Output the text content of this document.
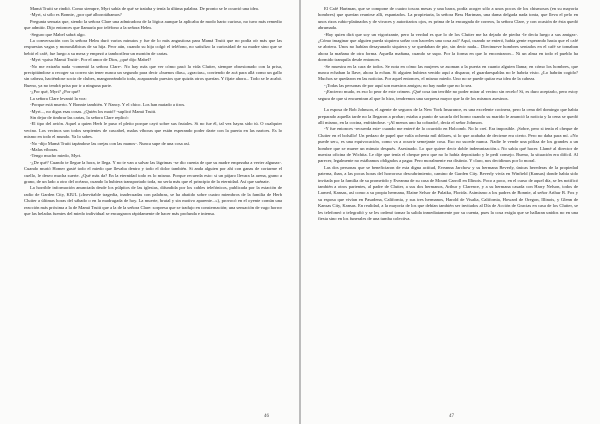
Mamá Truitt se rindió. Como siempre, Myrt sabía de qué se trataba y tenía la última palabra. De pronto se le ocurrió una idea.

-Myrt, si sólo es Bonnie, ¿por qué alborotábamos?

Pregunta sensata que, siendo la señora Clare una admiradora de la lógica aunque la aplicaba de modo harto curioso, no tuvo más remedio que admitir. Dijo entonces que llamaría por teléfono a la señora Helm.

-Seguro que Mabel sabrá algo.

La conversación con la señora Helm duró varios minutos y fue de lo más angustiosa para Mamá Truitt que no podía oír más que las respuestas vagas y monosilábicas de su hija. Peor aún, cuando su hija colgó el teléfono, no satisfizo la curiosidad de su madre sino que se bebió el café, fue luego a su mesa y empezó a tamborilear un montón de cartas.

-Myrt -quiso Mamá Truitt-. Por el amor de Dios, ¿qué dijo Mabel?

-No me extraña nada -comentó la señora Clare-. No hay más que ver cómo pasó la vida Clutter, siempre obsesionado con la prisa, precipitándose a recoger su correo sin tener nunca un segundo para decir «buenos días», «gracias», corriendo de acá para allá como un gallo sin cabeza, haciéndose socio de clubes, mangoneándolo todo, acaparando puestos que quizás otros querían. Y fíjate ahora... Todo se le acabó. Bueno, ya no tendrá prisa por ir a ninguna parte.

-¿Por qué, Myrt? ¿Por qué?

La señora Clare levantó la voz:

-Porque está muerto. Y Bonnie también. Y Nancy. Y el chico. Los han matado a tiros.

-Myrt..., no digas esas cosas. ¿Quién los mató? -suplicó Mamá Truitt.

Sin dejar de timbrar las cartas, la señora Clare replicó:

-El tipo del avión. Aquel a quien Herb le puso el pleito porque cayó sobre sus frutales. Si no fue él, tal vez hayas sido tú. O cualquier vecino. Los vecinos son todos serpientes de cascabel, malas víboras que están esperando poder darte con la puerta en las narices. Es lo mismo en todo el mundo. Ya lo sabes.

-No -dijo Mamá Truitt tapándose las orejas con las manos-. Nunca supe de una cosa así.

-Malas víboras.

-Tengo mucho miedo, Myrt.

-¿De qué? Cuando te llegue la hora, te llega. Y no te van a salvar las lágrimas -se dio cuenta de que su madre empezaba a verter algunas-. Cuando murió Homer gasté todo el miedo que llevaba dentro y todo el dolor también. Si anda alguien por ahí con ganas de cortarme el cuello, le deseo mucha suerte. ¿Qué más da? En la eternidad todo es lo mismo. Porque recuerda esto: si un pájaro llevara la arena, grano a grano, de un lado a otro del océano, cuando la hubiera transportado toda, no sería más que el principio de la eternidad. Así que suénate.

La horrible información anunciada desde los púlpitos de las iglesias, difundida por los cables telefónicos, publicada por la estación de radio de Garden City, KIUL («Inevitable tragedia, inadecuadas con palabras, se ha abatido sobre cuatro miembros de la familia de Herb Clutter a últimas horas del sábado o en la madrugada de hoy. La muerte, brutal y sin motivo aparente...»), provocó en el oyente común una reacción más próxima a la de Mamá Truitt que a la de la señora Clare: sorpresa que se tradujo en consternación; una sensación de vago horror que las heladas fuentes del miedo individual se encargaron rápidamente de hacer más profunda e intensa.

46

El Café Hartman, que se compone de cuatro toscas mesas y una barra, podía acoger sólo a unos pocos de los chismosos (en su mayoría hombres) que querían reunirse allí, espantados. La propietaria, la señora Bess Hartman, una dama delgada nada tonta, que lleva el pelo en unos rizos rubio-platinados y de vivaces y autoritarios ojos, es prima de la encargada de correos, la señora Clare, y con ocasión de ésta quedó abrumada.

-Hay quien dirá que soy un vigorizante, pero la verdad es que lo de los Clutter me ha dejado de piedra -le decía luego a sus amigas-. ¿Cómo imaginar que alguien pueda siquiera soñar con hacerles una cosa así? Aquí, cuando se enteró, había gente esperando hasta que el café se abriera. Unos no habían desayunado siquiera y se quedaban de pie, sin decir nada... Diecinueve hombres sentados en el café se tomaban ahora la mañana de otra forma. Aquella mañana, cuando se supo. Por la forma en que lo encontraron... Ni un alma en todo el pueblo ha dormido tranquila desde entonces.

-Se muestra en la cara de todos. Se nota en cómo las mujeres se asoman a la puerta en cuanto alguien llama; en cómo los hombres, que nunca echaban la llave, ahora la echan. Si alguien hubiera venido aquí a disparar, el guardaespaldas no le habría visto. ¿Lo habrán cogido? Muchos se quedaron en las noticias. Por aquel entonces, el mismo miedo. Uno no se puede quitar esa idea de la cabeza.

-¡Todas las personas de por aquí son nuestros amigos; no hay nadie que no lo sea.

-¡Encierro mudo, es eso lo peor de este crimen. ¡Qué cosa tan terrible no poder mirar al vecino sin recelo! Sí, es duro aceptarlo, pero estoy segura de que si encuentran al que lo hizo, tendremos una sorpresa mayor que la de los mismos asesinos.

La esposa de Bob Johnson, el agente de seguros de la New York Insurance, es una excelente cocinera, pero la cena del domingo que había preparado aquella tarde no la llegaron a probar; estaba a punto de sacarla del horno cuando su marido le anunció la noticia y la cena se quedó allí mismo, en la cocina, enfriándose. -¡Al menos uno ha cobrado!, decía el señor Johnson.

-Y fue entonces -recuerda este- cuando me enteré de lo ocurrido en Holcomb. No lo creí. Era imposible. ¡Sobre, pero si tenía el cheque de Clutter en el bolsillo! Un pedazo de papel que valía ochenta mil dólares, si lo que acababa de decirme era cierto. Pero no daba para mí. «No puede ser», es una equivocación, como va a ocurrir semejante cosa. Eso no sucede nunca. Nadie le vende una póliza de los grandes a un hombre que se muere un minuto después. Asesinado. Lo que quiere decir doble indemnización.» No sabía qué hacer. Llamé al director de nuestra oficina de Wichita. Le dije que tenía el cheque pero que no lo había depositado y le pedí consejo. Bueno, la situación era difícil. Al parecer, legalmente no estábamos obligados a pagar. Pero moralmente era distinto. Y claro, nos decidimos por lo moral.

Las dos personas que se beneficiaron de esta digna actitud, Eveanna Jarchow y su hermana Beverly, únicas herederas de la propiedad paterna, iban, a las pocas horas del horroroso descubrimiento, camino de Garden City. Beverly vivía en Winfield (Kansas) donde había sido invitada por la familia de su prometido y Eveanna de su casa de Mount Carroll en Illinois. Poco a poco, en el curso de aquel día, se les notificó también a otros parientes, al padre de Clutter, a sus dos hermanos, Arthur y Clarence, y a su hermana casada con Harry Nelson, todos de Larned, Kansas, así como a su propia hermana, Elaine Selsor de Palatka, Florida. Asimismo a los padres de Bonnie, al señor Arthur B. Fox y su esposa que vivían en Pasadena, California, y sus tres hermanos, Harold de Visalia, California, Howard de Oregon, Illinois, y Glenn de Kansas City, Kansas. En realidad, a la mayoría de los que debían también ser invitados al Día de Acción de Gracias en casa de los Clutter, se les telefoneó o telegrafió y se les ordenó tomar la salida inmediatamente por su cuenta, pues la cosa exigía que se hallaran unidos no en una fiesta sino en los funerales de una tumba colectiva.

47
